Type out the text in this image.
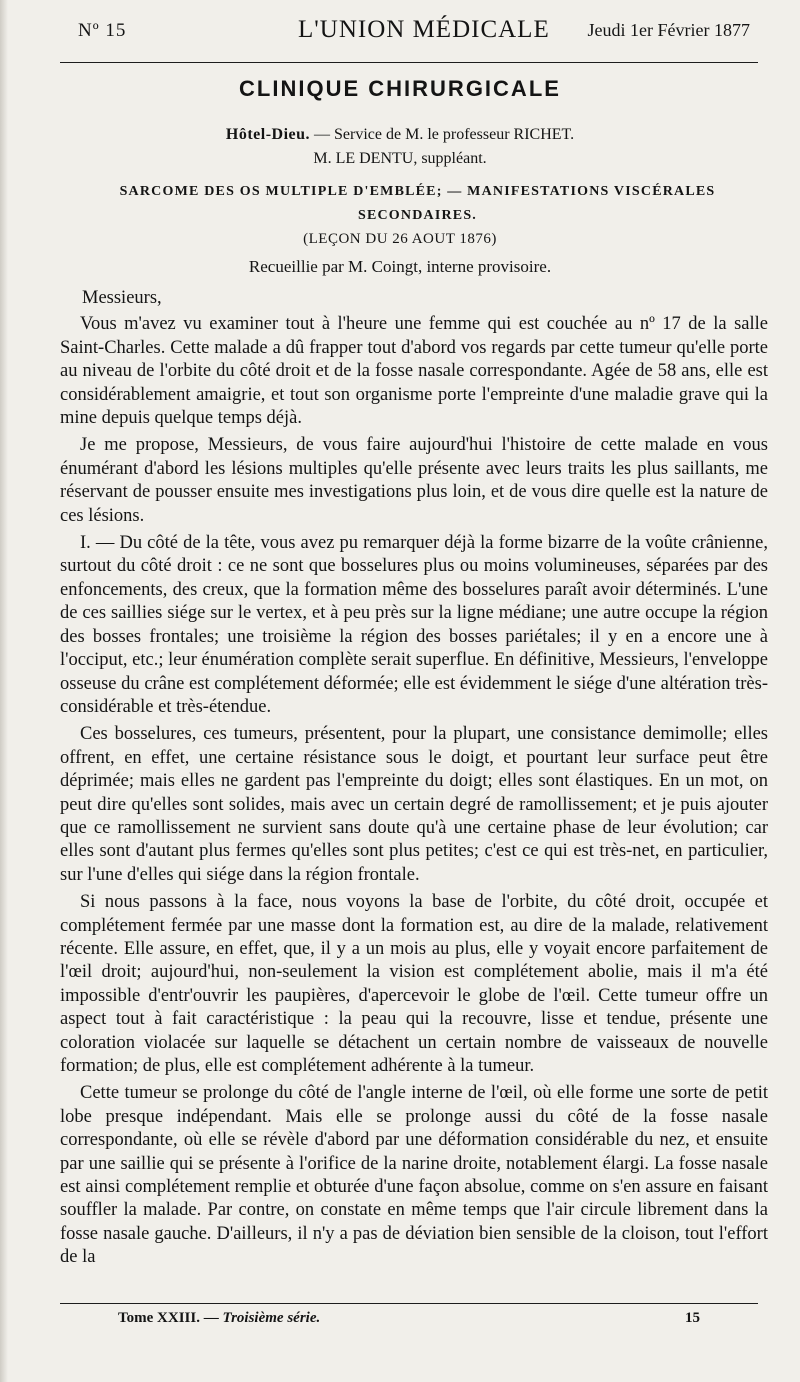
Nº 15	L'UNION MÉDICALE Jeudi 1er Février 1877
CLINIQUE CHIRURGICALE
Hôtel-Dieu. — Service de M. le professeur RICHET.
M. LE DENTU, suppléant.
SARCOME DES OS MULTIPLE D'EMBLÉE; — MANIFESTATIONS VISCÉRALES SECONDAIRES.
(LEÇON DU 26 AOUT 1876)
Recueillie par M. Coingt, interne provisoire.

Messieurs,

Vous m'avez vu examiner tout à l'heure une femme qui est couchée au nº 17 de la salle Saint-Charles. Cette malade a dû frapper tout d'abord vos regards par cette tumeur qu'elle porte au niveau de l'orbite du côté droit et de la fosse nasale correspondante. Agée de 58 ans, elle est considérablement amaigrie, et tout son organisme porte l'empreinte d'une maladie grave qui la mine depuis quelque temps déjà.

Je me propose, Messieurs, de vous faire aujourd'hui l'histoire de cette malade en vous énumérant d'abord les lésions multiples qu'elle présente avec leurs traits les plus saillants, me réservant de pousser ensuite mes investigations plus loin, et de vous dire quelle est la nature de ces lésions.

I. — Du côté de la tête, vous avez pu remarquer déjà la forme bizarre de la voûte crânienne, surtout du côté droit : ce ne sont que bosselures plus ou moins volumineuses, séparées par des enfoncements, des creux, que la formation même des bosselures paraît avoir déterminés. L'une de ces saillies siége sur le vertex, et à peu près sur la ligne médiane; une autre occupe la région des bosses frontales; une troisième la région des bosses pariétales; il y en a encore une à l'occiput, etc.; leur énumération complète serait superflue. En définitive, Messieurs, l'enveloppe osseuse du crâne est complétement déformée; elle est évidemment le siége d'une altération très-considérable et très-étendue.

Ces bosselures, ces tumeurs, présentent, pour la plupart, une consistance demimolle; elles offrent, en effet, une certaine résistance sous le doigt, et pourtant leur surface peut être déprimée; mais elles ne gardent pas l'empreinte du doigt; elles sont élastiques. En un mot, on peut dire qu'elles sont solides, mais avec un certain degré de ramollissement; et je puis ajouter que ce ramollissement ne survient sans doute qu'à une certaine phase de leur évolution; car elles sont d'autant plus fermes qu'elles sont plus petites; c'est ce qui est très-net, en particulier, sur l'une d'elles qui siége dans la région frontale.

Si nous passons à la face, nous voyons la base de l'orbite, du côté droit, occupée et complétement fermée par une masse dont la formation est, au dire de la malade, relativement récente. Elle assure, en effet, que, il y a un mois au plus, elle y voyait encore parfaitement de l'œil droit; aujourd'hui, non-seulement la vision est complétement abolie, mais il m'a été impossible d'entr'ouvrir les paupières, d'apercevoir le globe de l'œil. Cette tumeur offre un aspect tout à fait caractéristique : la peau qui la recouvre, lisse et tendue, présente une coloration violacée sur laquelle se détachent un certain nombre de vaisseaux de nouvelle formation; de plus, elle est complétement adhérente à la tumeur.

Cette tumeur se prolonge du côté de l'angle interne de l'œil, où elle forme une sorte de petit lobe presque indépendant. Mais elle se prolonge aussi du côté de la fosse nasale correspondante, où elle se révèle d'abord par une déformation considérable du nez, et ensuite par une saillie qui se présente à l'orifice de la narine droite, notablement élargi. La fosse nasale est ainsi complétement remplie et obturée d'une façon absolue, comme on s'en assure en faisant souffler la malade. Par contre, on constate en même temps que l'air circule librement dans la fosse nasale gauche. D'ailleurs, il n'y a pas de déviation bien sensible de la cloison, tout l'effort de la

Tome XXIII. — Troisième série.	15
